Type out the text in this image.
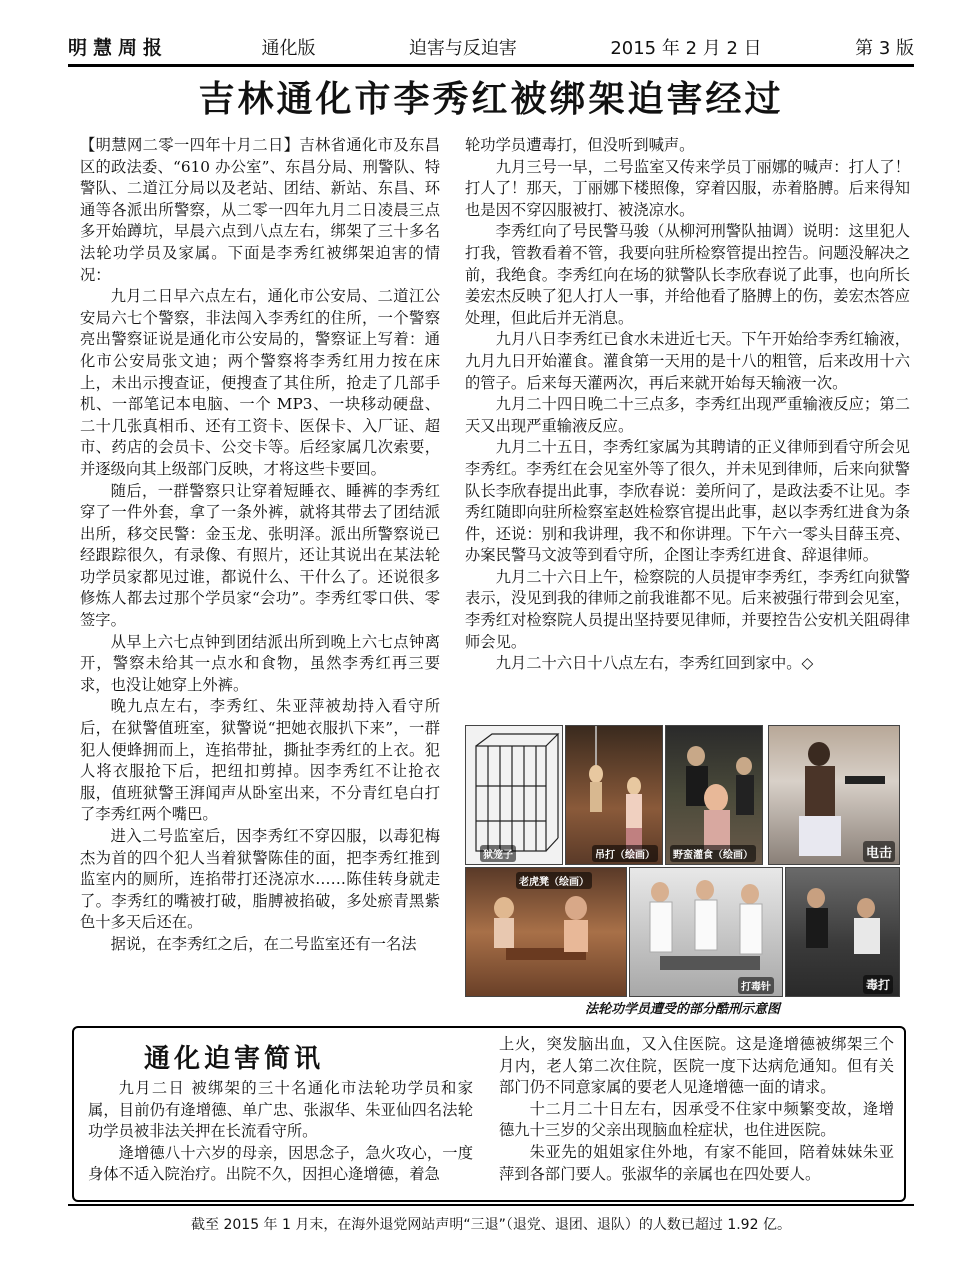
明慧周报	通化版	迫害与反迫害	2015 年 2 月 2 日	第 3 版
吉林通化市李秀红被绑架迫害经过

【明慧网二零一四年十月二日】吉林省通化市及东昌区的政法委、“610 办公室”、东昌分局、刑警队、特警队、二道江分局以及老站、团结、新站、东昌、环通等各派出所警察，从二零一四年九月二日凌晨三点多开始蹲坑，早晨六点到八点左右，绑架了三十多名法轮功学员及家属。下面是李秀红被绑架迫害的情况：

九月二日早六点左右，通化市公安局、二道江公安局六七个警察，非法闯入李秀红的住所，一个警察亮出警察证说是通化市公安局的，警察证上写着：通化市公安局张文迪；两个警察将李秀红用力按在床上，未出示搜查证，便搜查了其住所，抢走了几部手机、一部笔记本电脑、一个 MP3、一块移动硬盘、二十几张真相币、还有工资卡、医保卡、入厂证、超市、药店的会员卡、公交卡等。后经家属几次索要，并逐级向其上级部门反映，才将这些卡要回。

随后，一群警察只让穿着短睡衣、睡裤的李秀红穿了一件外套，拿了一条外裤，就将其带去了团结派出所，移交民警：金玉龙、张明泽。派出所警察说已经跟踪很久，有录像、有照片，还让其说出在某法轮功学员家都见过谁，都说什么、干什么了。还说很多修炼人都去过那个学员家“会功”。李秀红零口供、零签字。

从早上六七点钟到团结派出所到晚上六七点钟离开，警察未给其一点水和食物，虽然李秀红再三要求，也没让她穿上外裤。

晚九点左右，李秀红、朱亚萍被劫持入看守所后，在狱警值班室，狱警说“把她衣服扒下来”，一群犯人便蜂拥而上，连掐带扯，撕扯李秀红的上衣。犯人将衣服抢下后，把纽扣剪掉。因李秀红不让抢衣服，值班狱警王湃闻声从卧室出来，不分青红皂白打了李秀红两个嘴巴。

进入二号监室后，因李秀红不穿囚服，以毒犯梅杰为首的四个犯人当着狱警陈佳的面，把李秀红推到监室内的厕所，连掐带打还浇凉水……陈佳转身就走了。李秀红的嘴被打破，脂膊被掐破，多处瘀青黑紫色十多天后还在。

据说，在李秀红之后，在二号监室还有一名法

轮功学员遭毒打，但没听到喊声。

九月三号一早，二号监室又传来学员丁丽娜的喊声：打人了！打人了！那天，丁丽娜下楼照像，穿着囚服，赤着胳膊。后来得知也是因不穿囚服被打、被浇凉水。

李秀红向了号民警马骏（从柳河刑警队抽调）说明：这里犯人打我，管教看着不管，我要向驻所检察管提出控告。问题没解决之前，我绝食。李秀红向在场的狱警队长李欣春说了此事，也向所长姜宏杰反映了犯人打人一事，并给他看了胳膊上的伤，姜宏杰答应处理，但此后并无消息。

九月八日李秀红已食水未进近七天。下午开始给李秀红输液，九月九日开始灌食。灌食第一天用的是十八的粗管，后来改用十六的管子。后来每天灌两次，再后来就开始每天输液一次。

九月二十四日晚二十三点多，李秀红出现严重输液反应；第二天又出现严重输液反应。

九月二十五日，李秀红家属为其聘请的正义律师到看守所会见李秀红。李秀红在会见室外等了很久，并未见到律师，后来向狱警队长李欣春提出此事，李欣春说：姜所问了，是政法委不让见。李秀红随即向驻所检察室赵姓检察官提出此事，赵以李秀红进食为条件，还说：别和我讲理，我不和你讲理。下午六一零头目薛玉亮、办案民警马文波等到看守所，企图让李秀红进食、辞退律师。

九月二十六日上午，检察院的人员提审李秀红，李秀红向狱警表示，没见到我的律师之前我谁都不见。后来被强行带到会见室，李秀红对检察院人员提出坚持要见律师，并要控告公安机关阻碍律师会见。

九月二十六日十八点左右，李秀红回到家中。◇

狱笼子	吊打（绘画）	野蛮灌食（绘画）	电击
老虎凳（绘画）
打毒针	毒打
法轮功学员遭受的部分酷刑示意图
通化迫害简讯

九月二日 被绑架的三十名通化市法轮功学员和家属，目前仍有逄增德、单广忠、张淑华、朱亚仙四名法轮功学员被非法关押在长流看守所。

逄增德八十六岁的母亲，因思念子，急火攻心，一度身体不适入院治疗。出院不久，因担心逄增德，着急

上火，突发脑出血，又入住医院。这是逄增德被绑架三个月内，老人第二次住院，医院一度下达病危通知。但有关部门仍不同意家属的要老人见逄增德一面的请求。

十二月二十日左右，因承受不住家中频繁变故，逄增德九十三岁的父亲出现脑血栓症状，也住进医院。

朱亚先的姐姐家住外地，有家不能回，陪着妹妹朱亚萍到各部门要人。张淑华的亲属也在四处要人。

截至 2015 年 1 月末，在海外退党网站声明“三退”（退党、退团、退队）的人数已超过 1.92 亿。
